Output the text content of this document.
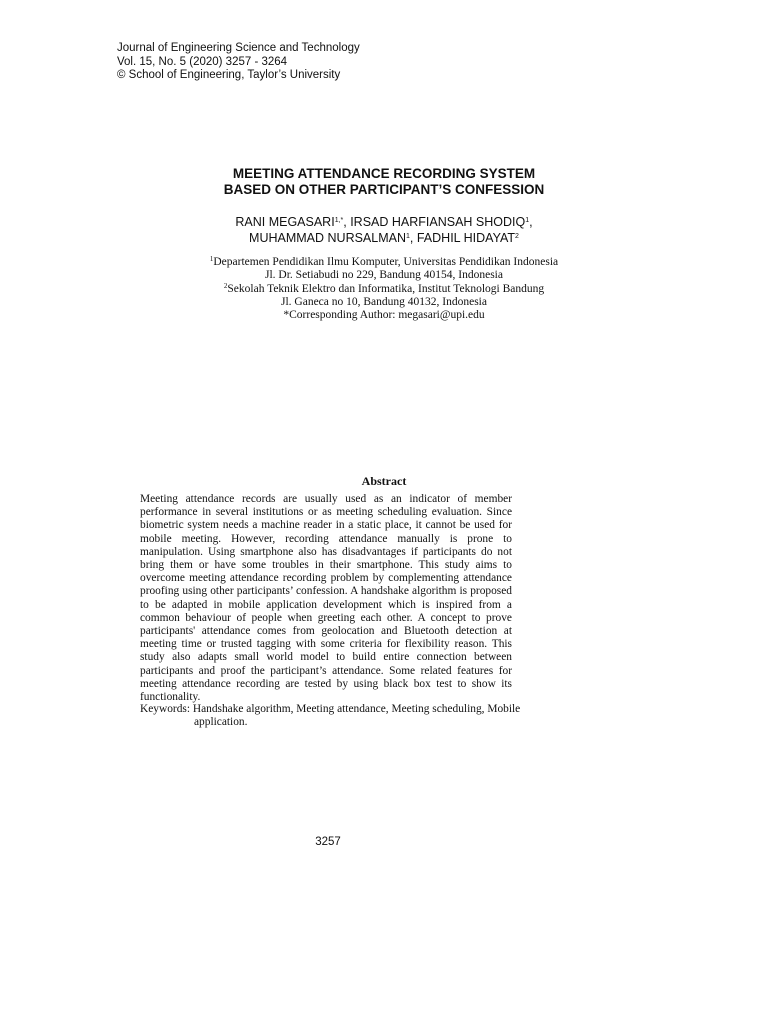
Journal of Engineering Science and Technology
Vol. 15, No. 5 (2020) 3257 - 3264
© School of Engineering, Taylor’s University
MEETING ATTENDANCE RECORDING SYSTEM
BASED ON OTHER PARTICIPANT’S CONFESSION
RANI $MEGASARI^{1,*}$, IRSAD HARFIANSAH SHODIQ$^1$,
MUHAMMAD NURSALMAN$^1$, FADHIL HIDAYAT$^2$
$^1$Departemen Pendidikan Ilmu Komputer, Universitas Pendidikan Indonesia
Jl. Dr. Setiabudi no 229, Bandung 40154, Indonesia
$^2$Sekolah Teknik Elektro dan Informatika, Institut Teknologi Bandung
Jl. Ganeca no 10, Bandung 40132, Indonesia
*Corresponding Author: megasari@upi.edu
Abstract
Meeting attendance records are usually used as an indicator of member performance in several institutions or as meeting scheduling evaluation. Since biometric system needs a machine reader in a static place, it cannot be used for mobile meeting. However, recording attendance manually is prone to manipulation. Using smartphone also has disadvantages if participants do not bring them or have some troubles in their smartphone. This study aims to overcome meeting attendance recording problem by complementing attendance proofing using other participants’ confession. A handshake algorithm is proposed to be adapted in mobile application development which is inspired from a common behaviour of people when greeting each other. A concept to prove participants' attendance comes from geolocation and Bluetooth detection at meeting time or trusted tagging with some criteria for flexibility reason. This study also adapts small world model to build entire connection between participants and proof the participant’s attendance. Some related features for meeting attendance recording are tested by using black box test to show its functionality.
Keywords: Handshake algorithm, Meeting attendance, Meeting scheduling, Mobile
application.
3257
